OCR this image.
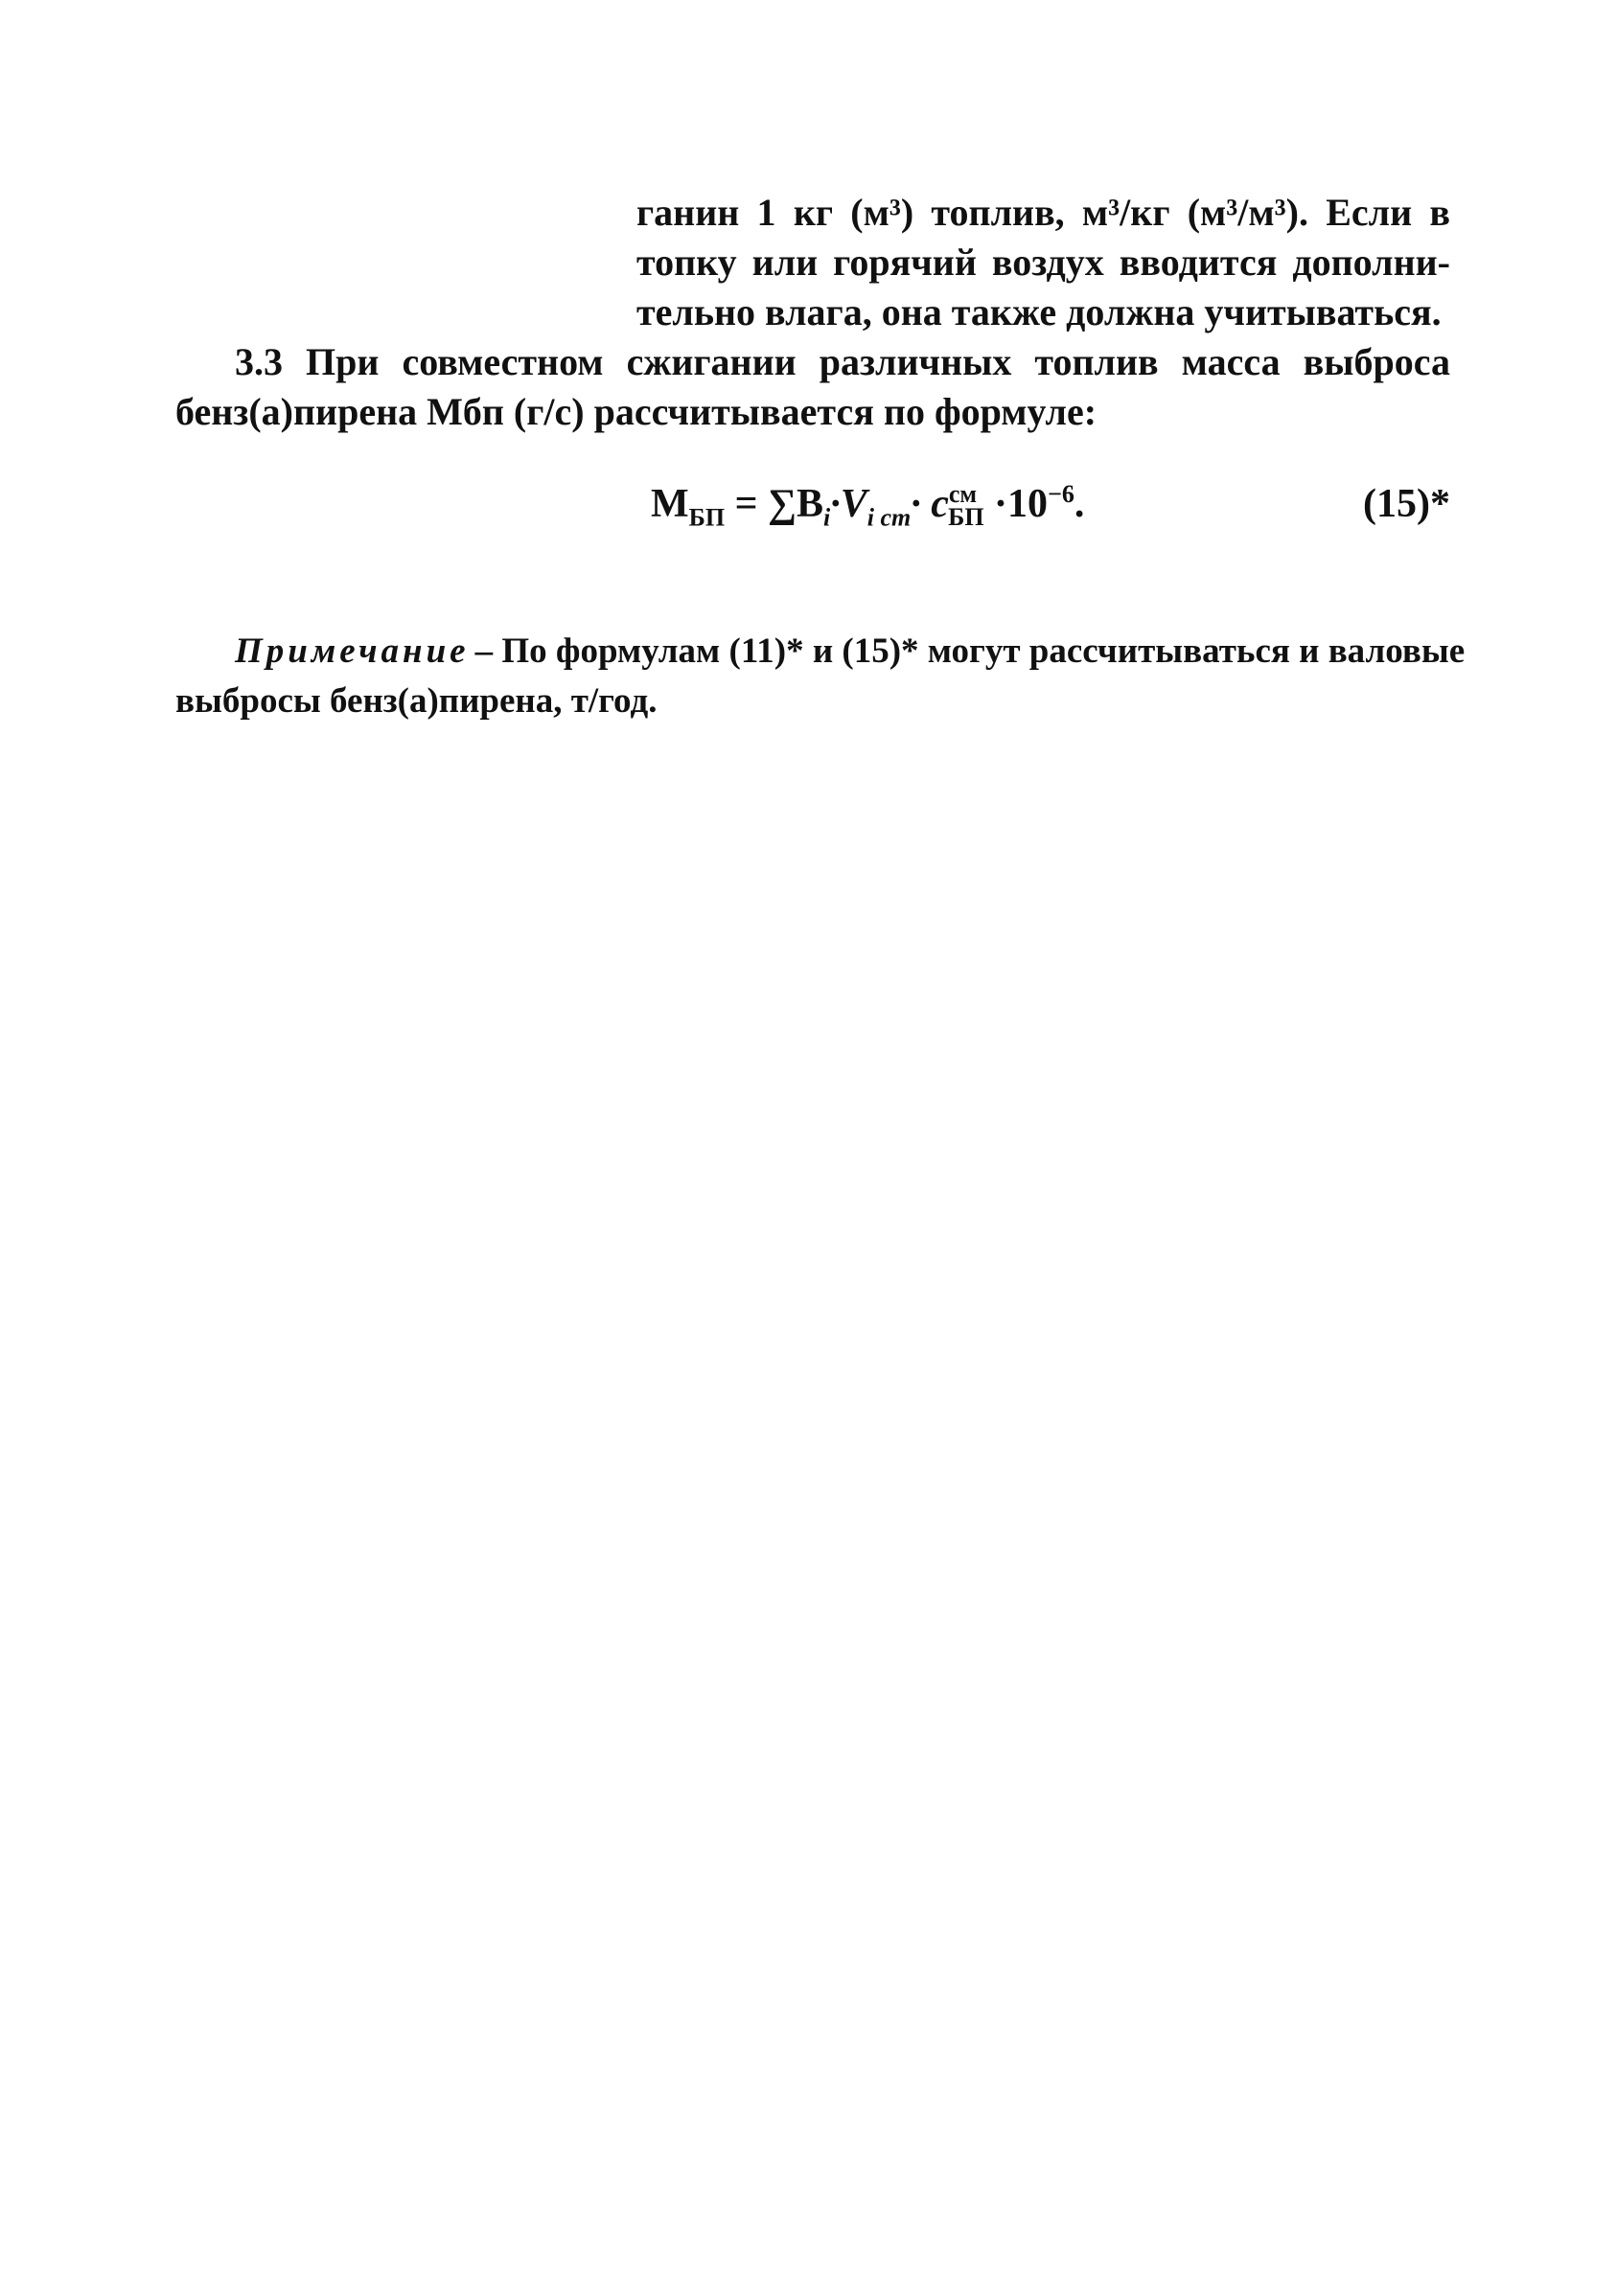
ганин 1 кг (м³) топлив, м³/кг (м³/м³). Если в
топку или горячий воздух вводится дополни-
тельно влага, она также должна учитываться.
3.3 При совместном сжигании различных топлив масса выброса
бенз(а)пирена Mбп (г/с) рассчитывается по формуле:
$M_{БП} = \sum B_i\cdot V_{i ст}\cdot c^{см}_{БП} \cdot 10^{-6}$.	(15)*
Примечание – По формулам (11)* и (15)* могут рассчитываться и валовые
выбросы бенз(а)пирена, т/год.
